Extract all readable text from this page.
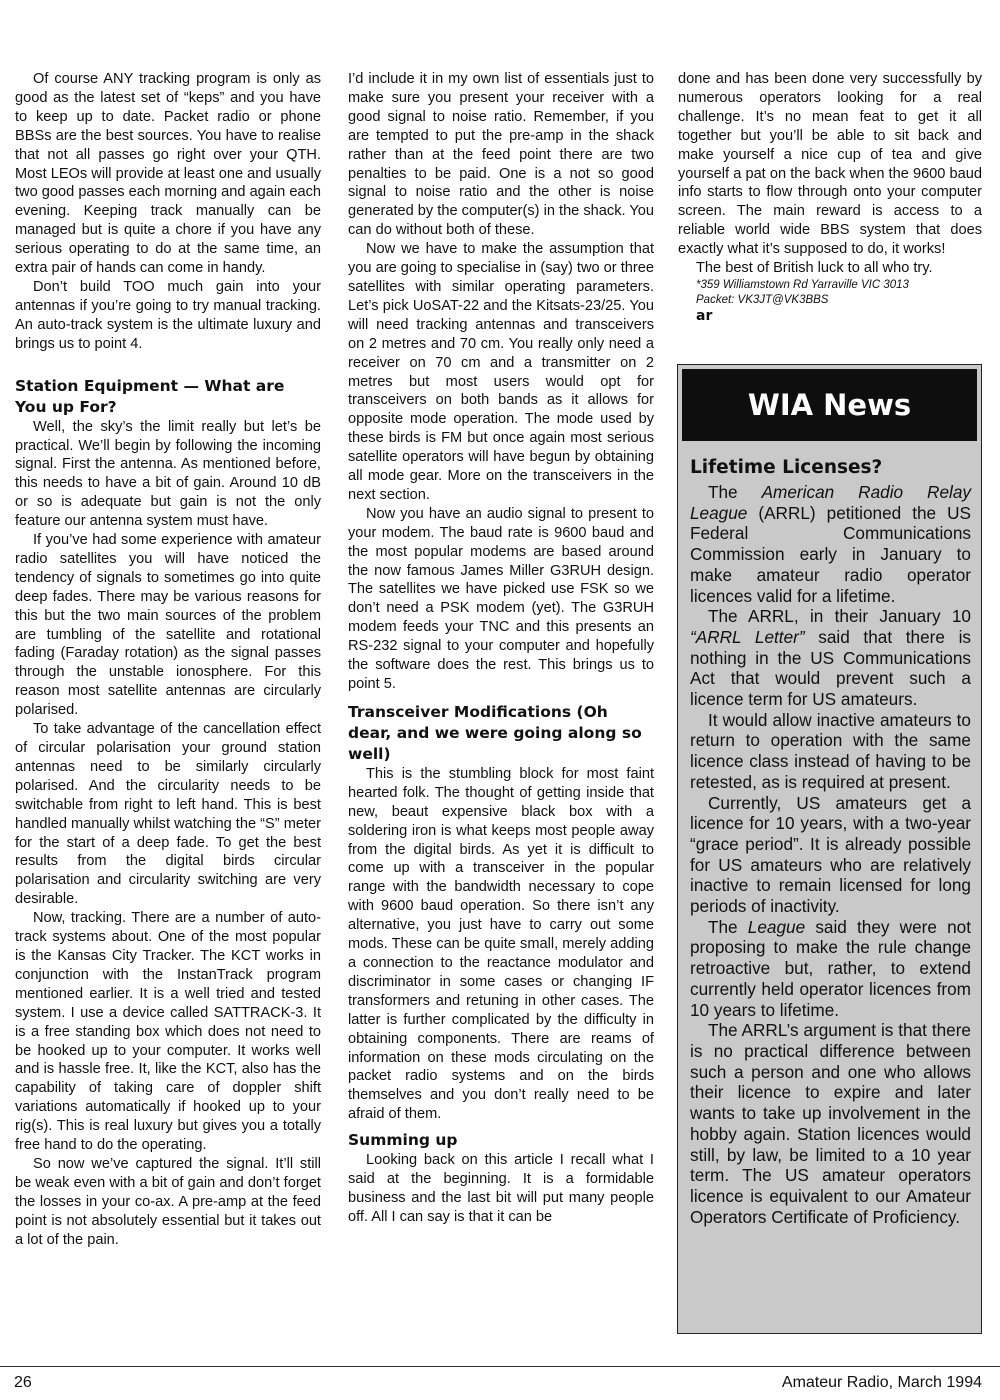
Of course ANY tracking program is only as good as the latest set of “keps” and you have to keep up to date. Packet radio or phone BBSs are the best sources. You have to realise that not all passes go right over your QTH. Most LEOs will provide at least one and usually two good passes each morning and again each evening. Keeping track manually can be managed but is quite a chore if you have any serious operating to do at the same time, an extra pair of hands can come in handy.

Don’t build TOO much gain into your antennas if you’re going to try manual tracking. An auto-track system is the ultimate luxury and brings us to point 4.

Station Equipment — What are You up For?

Well, the sky’s the limit really but let’s be practical. We’ll begin by following the incoming signal. First the antenna. As mentioned before, this needs to have a bit of gain. Around 10 dB or so is adequate but gain is not the only feature our antenna system must have.

If you’ve had some experience with amateur radio satellites you will have noticed the tendency of signals to sometimes go into quite deep fades. There may be various reasons for this but the two main sources of the problem are tumbling of the satellite and rotational fading (Faraday rotation) as the signal passes through the unstable ionosphere. For this reason most satellite antennas are circularly polarised.

To take advantage of the cancellation effect of circular polarisation your ground station antennas need to be similarly circularly polarised. And the circularity needs to be switchable from right to left hand. This is best handled manually whilst watching the “S” meter for the start of a deep fade. To get the best results from the digital birds circular polarisation and circularity switching are very desirable.

Now, tracking. There are a number of auto-track systems about. One of the most popular is the Kansas City Tracker. The KCT works in conjunction with the InstanTrack program mentioned earlier. It is a well tried and tested system. I use a device called SATTRACK-3. It is a free standing box which does not need to be hooked up to your computer. It works well and is hassle free. It, like the KCT, also has the capability of taking care of doppler shift variations automatically if hooked up to your rig(s). This is real luxury but gives you a totally free hand to do the operating.

So now we’ve captured the signal. It’ll still be weak even with a bit of gain and don’t forget the losses in your co-ax. A pre-amp at the feed point is not absolutely essential but it takes out a lot of the pain.

I’d include it in my own list of essentials just to make sure you present your receiver with a good signal to noise ratio. Remember, if you are tempted to put the pre-amp in the shack rather than at the feed point there are two penalties to be paid. One is a not so good signal to noise ratio and the other is noise generated by the computer(s) in the shack. You can do without both of these.

Now we have to make the assumption that you are going to specialise in (say) two or three satellites with similar operating parameters. Let’s pick UoSAT-22 and the Kitsats-23/25. You will need tracking antennas and transceivers on 2 metres and 70 cm. You really only need a receiver on 70 cm and a transmitter on 2 metres but most users would opt for transceivers on both bands as it allows for opposite mode operation. The mode used by these birds is FM but once again most serious satellite operators will have begun by obtaining all mode gear. More on the transceivers in the next section.

Now you have an audio signal to present to your modem. The baud rate is 9600 baud and the most popular modems are based around the now famous James Miller G3RUH design. The satellites we have picked use FSK so we don’t need a PSK modem (yet). The G3RUH modem feeds your TNC and this presents an RS-232 signal to your computer and hopefully the software does the rest. This brings us to point 5.

Transceiver Modifications (Oh dear, and we were going along so well)

This is the stumbling block for most faint hearted folk. The thought of getting inside that new, beaut expensive black box with a soldering iron is what keeps most people away from the digital birds. As yet it is difficult to come up with a transceiver in the popular range with the bandwidth necessary to cope with 9600 baud operation. So there isn’t any alternative, you just have to carry out some mods. These can be quite small, merely adding a connection to the reactance modulator and discriminator in some cases or changing IF transformers and retuning in other cases. The latter is further complicated by the difficulty in obtaining components. There are reams of information on these mods circulating on the packet radio systems and on the birds themselves and you don’t really need to be afraid of them.

Summing up

Looking back on this article I recall what I said at the beginning. It is a formidable business and the last bit will put many people off. All I can say is that it can be

done and has been done very successfully by numerous operators looking for a real challenge. It’s no mean feat to get it all together but you’ll be able to sit back and make yourself a nice cup of tea and give yourself a pat on the back when the 9600 baud info starts to flow through onto your computer screen. The main reward is access to a reliable world wide BBS system that does exactly what it’s supposed to do, it works!

The best of British luck to all who try.

*359 Williamstown Rd Yarraville VIC 3013

Packet: VK3JT@VK3BBS

ar

WIA News
Lifetime Licenses?

The American Radio Relay League (ARRL) petitioned the US Federal Communications Commission early in January to make amateur radio operator licences valid for a lifetime.

The ARRL, in their January 10 “ARRL Letter” said that there is nothing in the US Communications Act that would prevent such a licence term for US amateurs.

It would allow inactive amateurs to return to operation with the same licence class instead of having to be retested, as is required at present.

Currently, US amateurs get a licence for 10 years, with a two-year “grace period”. It is already possible for US amateurs who are relatively inactive to remain licensed for long periods of inactivity.

The League said they were not proposing to make the rule change retroactive but, rather, to extend currently held operator licences from 10 years to lifetime.

The ARRL’s argument is that there is no practical difference between such a person and one who allows their licence to expire and later wants to take up involvement in the hobby again. Station licences would still, by law, be limited to a 10 year term. The US amateur operators licence is equivalent to our Amateur Operators Certificate of Proficiency.

26	Amateur Radio, March 1994
